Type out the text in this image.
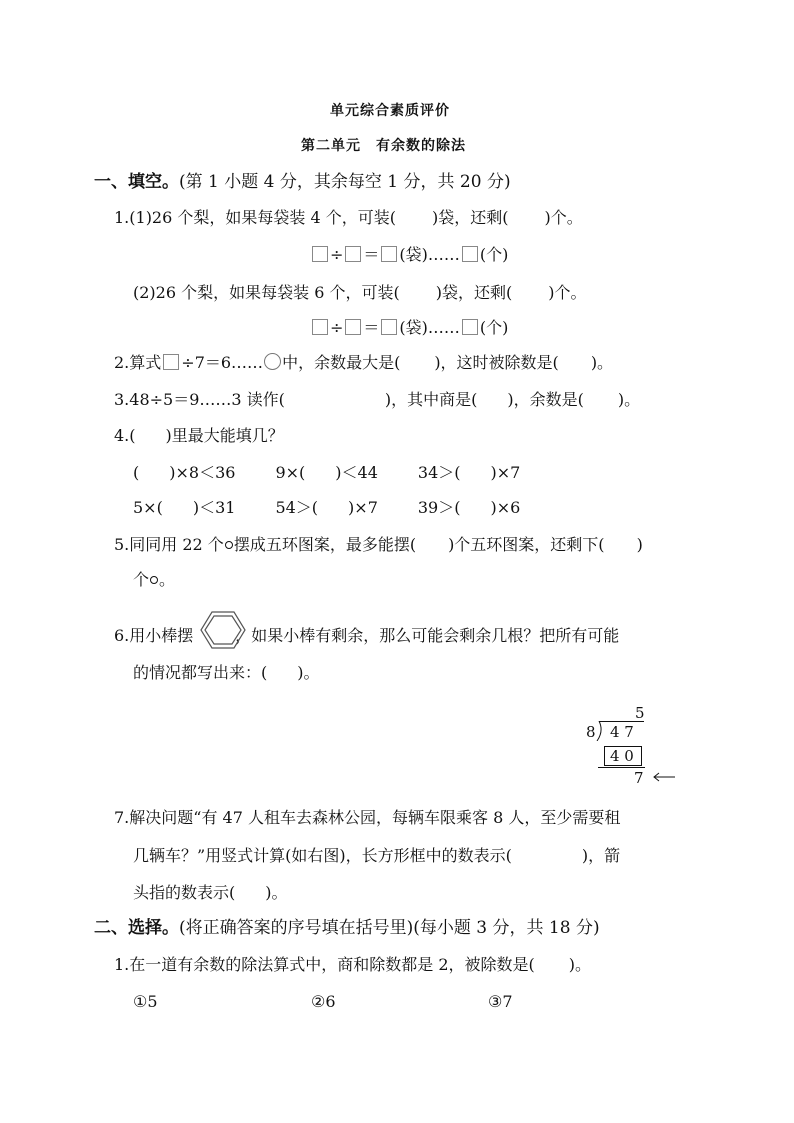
单元综合素质评价
第二单元　有余数的除法
一、填空。(第 1 小题 4 分，其余每空 1 分，共 20 分)
1.(1)26 个梨，如果每袋装 4 个，可装( )袋，还剩( )个。
÷ ＝ (袋)…… (个)
(2)26 个梨，如果每袋装 6 个，可装( )袋，还剩( )个。
÷ ＝ (袋)…… (个)
2.算式 ÷7＝6…… 中，余数最大是( )，这时被除数是( )。
3.48÷5＝9……3 读作(	)，其中商是( )，余数是( )。
4.( )里最大能填几？
( )×8＜36	9×( )＜44	34＞( )×7
5×( )＜31	54＞( )×7	39＞( )×6
5.同同用 22 个 摆成五环图案，最多能摆( )个五环图案，还剩下( )
个 。
6.用小棒摆	，如果小棒有剩余，那么可能会剩余几根？把所有可能
的情况都写出来：( )。
5
8 4 7
4 0
7
7.解决问题“有 47 人租车去森林公园，每辆车限乘客 8 人，至少需要租
几辆车？”用竖式计算(如右图)，长方形框中的数表示(	)，箭
头指的数表示( )。
二、选择。(将正确答案的序号填在括号里)(每小题 3 分，共 18 分)
1.在一道有余数的除法算式中，商和除数都是 2，被除数是( )。
①5	②6	③7
